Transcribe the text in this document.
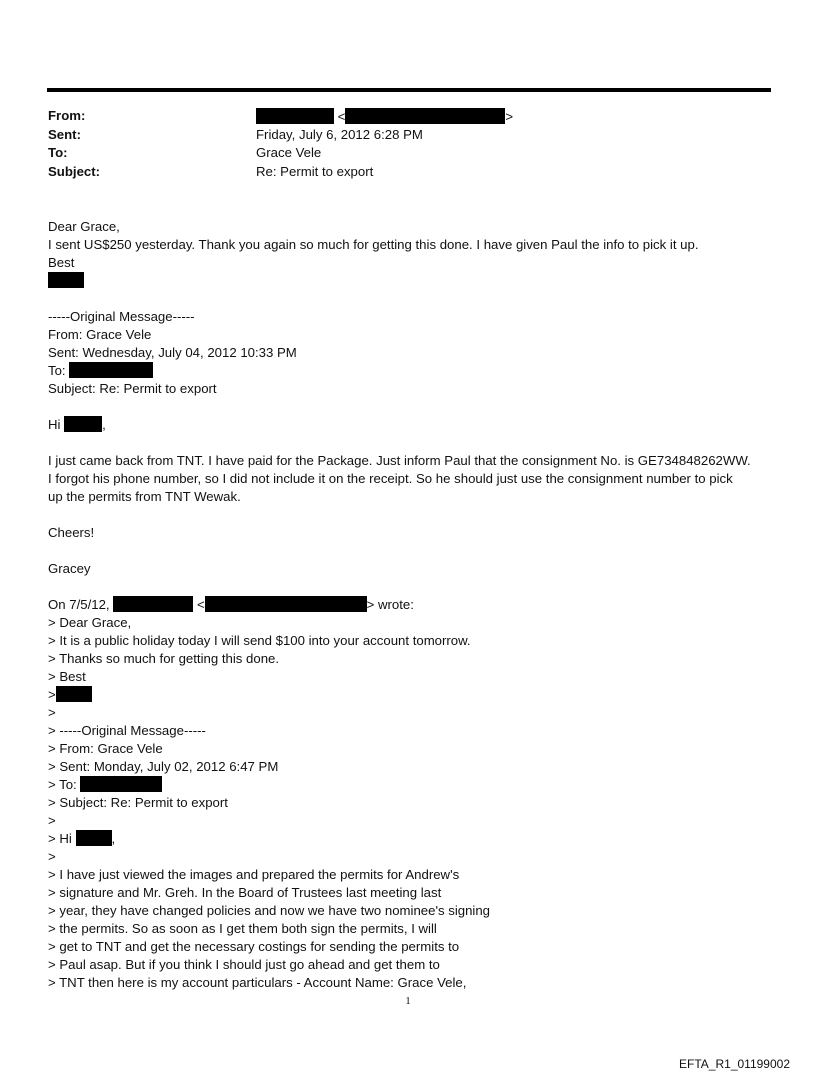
From:	<	>
Sent:	Friday, July 6, 2012 6:28 PM
To:	Grace Vele
Subject:	Re: Permit to export
Dear Grace,
I sent US$250 yesterday. Thank you again so much for getting this done. I have given Paul the info to pick it up.
Best
-----Original Message-----
From: Grace Vele
Sent: Wednesday, July 04, 2012 10:33 PM
To:
Subject: Re: Permit to export
Hi	,
I just came back from TNT. I have paid for the Package. Just inform Paul that the consignment No. is GE734848262WW.
I forgot his phone number, so I did not include it on the receipt. So he should just use the consignment number to pick
up the permits from TNT Wewak.
Cheers!
Gracey
On 7/5/12,	<	> wrote:
> Dear Grace,
> It is a public holiday today I will send $100 into your account tomorrow.
> Thanks so much for getting this done.
> Best
>
>
> -----Original Message-----
> From: Grace Vele
> Sent: Monday, July 02, 2012 6:47 PM
> To:
> Subject: Re: Permit to export
>
> Hi	,
>
> I have just viewed the images and prepared the permits for Andrew's
> signature and Mr. Greh. In the Board of Trustees last meeting last
> year, they have changed policies and now we have two nominee's signing
> the permits. So as soon as I get them both sign the permits, I will
> get to TNT and get the necessary costings for sending the permits to
> Paul asap. But if you think I should just go ahead and get them to
> TNT then here is my account particulars - Account Name: Grace Vele,
1
EFTA_R1_01199002
